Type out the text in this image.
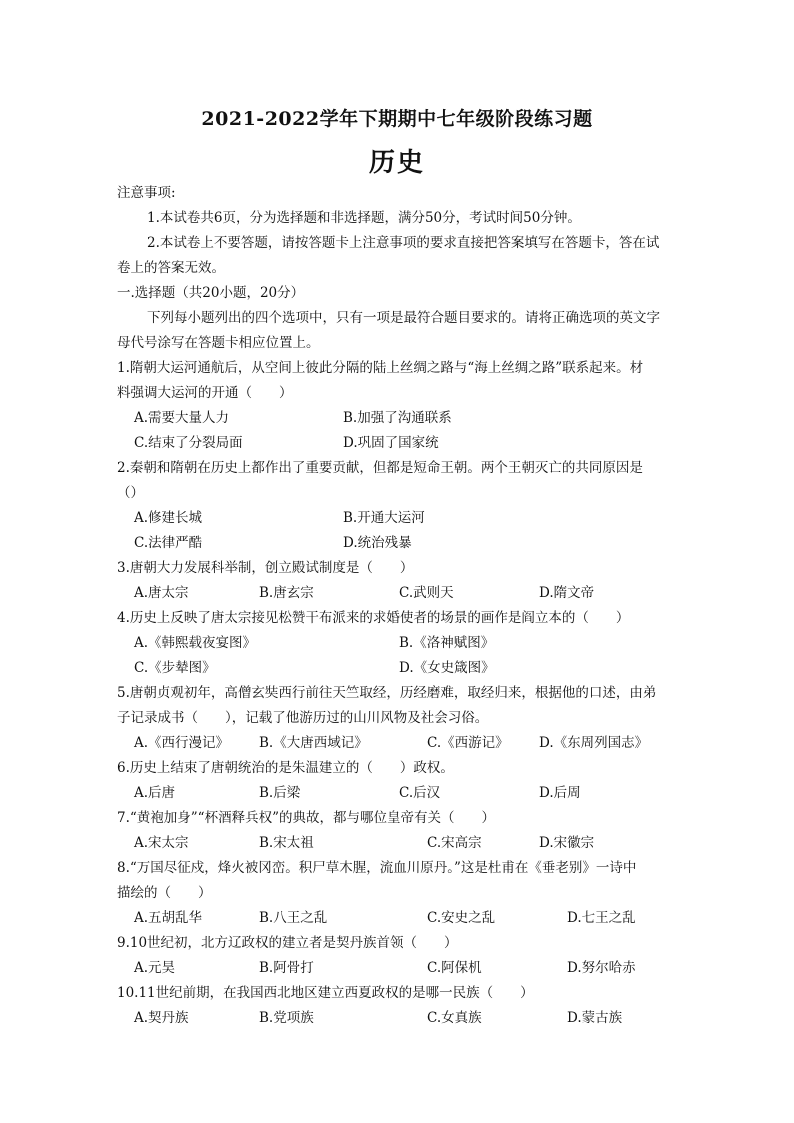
2021-2022学年下期期中七年级阶段练习题
历史
注意事项:
1.本试卷共6页，分为选择题和非选择题，满分50分，考试时间50分钟。
2.本试卷上不要答题，请按答题卡上注意事项的要求直接把答案填写在答题卡，答在试
卷上的答案无效。
一.选择题（共20小题，20分）
下列每小题列出的四个选项中，只有一项是最符合题目要求的。请将正确选项的英文字
母代号涂写在答题卡相应位置上。
1.隋朝大运河通航后，从空间上彼此分隔的陆上丝绸之路与“海上丝绸之路”联系起来。材
料强调大运河的开通（　　）
A.需要大量人力	B.加强了沟通联系
C.结束了分裂局面	D.巩固了国家统
2.秦朝和隋朝在历史上都作出了重要贡献，但都是短命王朝。两个王朝灭亡的共同原因是
（）
A.修建长城	B.开通大运河
C.法律严酷	D.统治残暴
3.唐朝大力发展科举制，创立殿试制度是（　　）
A.唐太宗	B.唐玄宗	C.武则天	D.隋文帝
4.历史上反映了唐太宗接见松赞干布派来的求婚使者的场景的画作是阎立本的（　　）
A.《韩熙载夜宴图》	B.《洛神赋图》
C.《步辇图》	D.《女史箴图》
5.唐朝贞观初年，高僧玄奘西行前往天竺取经，历经磨难，取经归来，根据他的口述，由弟
子记录成书（　　），记载了他游历过的山川风物及社会习俗。
A.《西行漫记》 B.《大唐西域记》	C.《西游记》 D.《东周列国志》
6.历史上结束了唐朝统治的是朱温建立的（　　）政权。
A.后唐	B.后梁	C.后汉	D.后周
7.“黄袍加身”“杯酒释兵权”的典故，都与哪位皇帝有关（　　）
A.宋太宗	B.宋太祖	C.宋高宗	D.宋徽宗
8.“万国尽征戍，烽火被冈峦。积尸草木腥，流血川原丹。”这是杜甫在《垂老别》一诗中
描绘的（　　）
A.五胡乱华	B.八王之乱	C.安史之乱	D.七王之乱
9.10世纪初，北方辽政权的建立者是契丹族首领（　　）
A.元昊	B.阿骨打	C.阿保机	D.努尔哈赤
10.11世纪前期，在我国西北地区建立西夏政权的是哪一民族（　　）
A.契丹族	B.党项族	C.女真族	D.蒙古族
